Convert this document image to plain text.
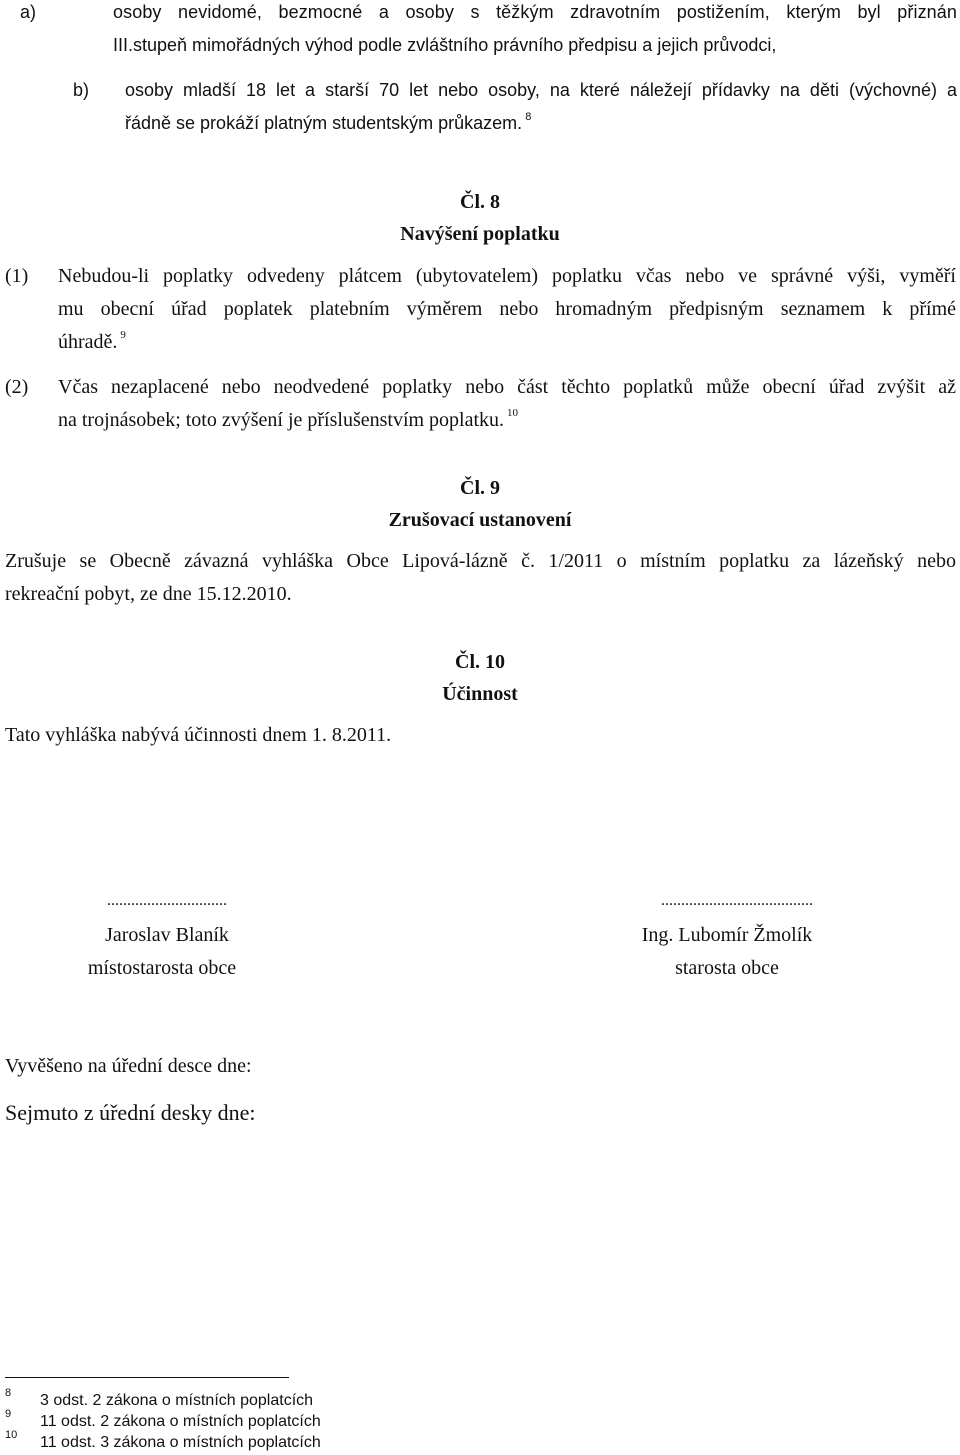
a)	osoby nevidomé, bezmocné a osoby s těžkým zdravotním postižením, kterým byl přiznán
III.stupeň mimořádných výhod podle zvláštního právního předpisu a jejich průvodci,
b) osoby mladší 18 let a starší 70 let nebo osoby, na které náležejí přídavky na děti (výchovné) a
řádně se prokáží platným studentským průkazem. $^8$
Čl. 8
Navýšení poplatku
(1) Nebudou-li poplatky odvedeny plátcem (ubytovatelem) poplatku včas nebo ve správné výši, vyměří
mu obecní úřad poplatek platebním výměrem nebo hromadným předpisným seznamem k přímé
úhradě. $^9$
(2) Včas nezaplacené nebo neodvedené poplatky nebo část těchto poplatků může obecní úřad zvýšit až
na trojnásobek; toto zvýšení je příslušenstvím poplatku. $^{10}$
Čl. 9
Zrušovací ustanovení
Zrušuje se Obecně závazná vyhláška Obce Lipová-lázně č. 1/2011 o místním poplatku za lázeňský nebo
rekreační pobyt, ze dne 15.12.2010.
Čl. 10
Účinnost
Tato vyhláška nabývá účinnosti dnem 1. 8.2011.
..............................
Jaroslav Blaník
místostarosta obce
......................................
Ing. Lubomír Žmolík
starosta obce
Vyvěšeno na úřední desce dne:
Sejmuto z úřední desky dne:
8 3 odst. 2 zákona o místních poplatcích
9 11 odst. 2 zákona o místních poplatcích
10 11 odst. 3 zákona o místních poplatcích
